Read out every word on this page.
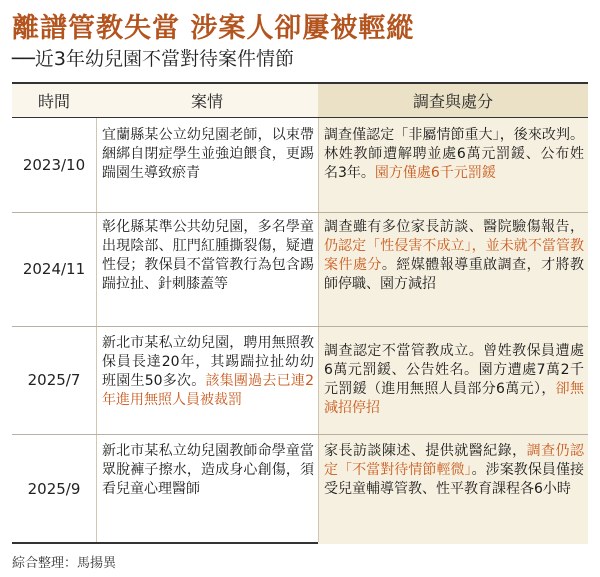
離譜管教失當 涉案人卻屢被輕縱
──近3年幼兒園不當對待案件情節
時間	案情	調查與處分
2023/10
宜蘭縣某公立幼兒園老師，以束帶綑綁自閉症學生並強迫餵食，更踢踹園生導致瘀青
調查僅認定「非屬情節重大」，後來改判。林姓教師遭解聘並處6萬元罰鍰、公布姓名3年。園方僅處6千元罰鍰
2024/11
彰化縣某準公共幼兒園，多名學童出現陰部、肛門紅腫撕裂傷，疑遭性侵；教保員不當管教行為包含踢踹拉扯、針刺膝蓋等
調查雖有多位家長訪談、醫院驗傷報告，仍認定「性侵害不成立」，並未就不當管教案件處分。經媒體報導重啟調查，才將教師停職、園方減招
2025/7
新北市某私立幼兒園，聘用無照教保員長達20年，其踢踹拉扯幼幼班園生50多次。該集團過去已連2年進用無照人員被裁罰
調查認定不當管教成立。曾姓教保員遭處6萬元罰鍰、公告姓名。園方遭處7萬2千元罰鍰（進用無照人員部分6萬元），卻無減招停招
2025/9
新北市某私立幼兒園教師命學童當眾脫褲子擦水，造成身心創傷，須看兒童心理醫師
家長訪談陳述、提供就醫紀錄，調查仍認定「不當對待情節輕微」。涉案教保員僅接受兒童輔導管教、性平教育課程各6小時
綜合整理：馬揚異
